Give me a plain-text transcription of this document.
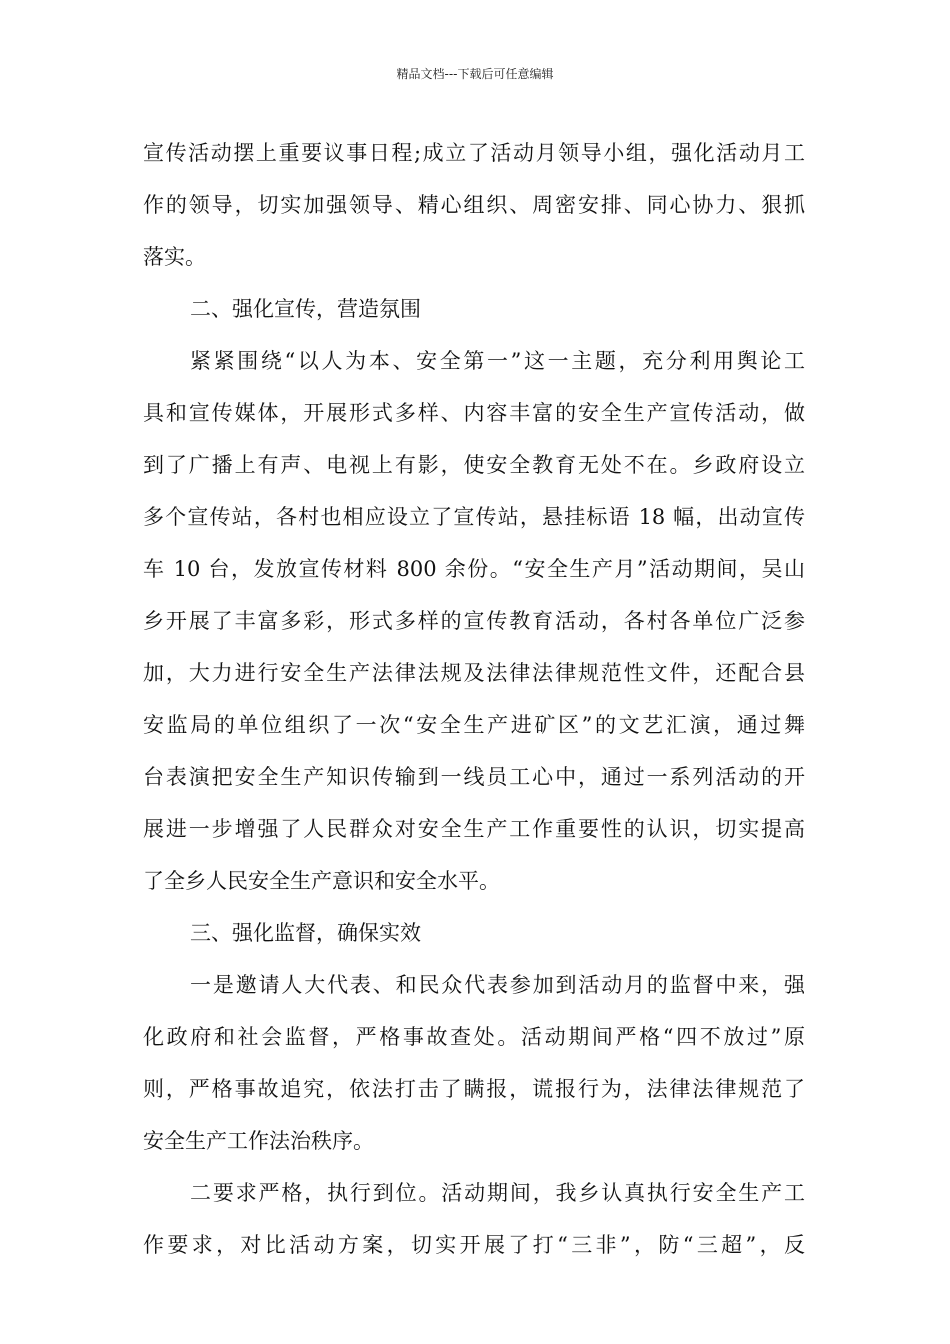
精品文档---下载后可任意编辑
宣传活动摆上重要议事日程;成立了活动月领导小组，强化活动月工
作的领导，切实加强领导、精心组织、周密安排、同心协力、狠抓
落实。
二、强化宣传，营造氛围
紧紧围绕“以人为本、安全第一”这一主题，充分利用舆论工
具和宣传媒体，开展形式多样、内容丰富的安全生产宣传活动，做
到了广播上有声、电视上有影，使安全教育无处不在。乡政府设立
多个宣传站，各村也相应设立了宣传站，悬挂标语 18 幅，出动宣传
车 10 台，发放宣传材料 800 余份。“安全生产月”活动期间，吴山
乡开展了丰富多彩，形式多样的宣传教育活动，各村各单位广泛参
加，大力进行安全生产法律法规及法律法律规范性文件，还配合县
安监局的单位组织了一次“安全生产进矿区”的文艺汇演，通过舞
台表演把安全生产知识传输到一线员工心中，通过一系列活动的开
展进一步增强了人民群众对安全生产工作重要性的认识，切实提高
了全乡人民安全生产意识和安全水平。
三、强化监督，确保实效
一是邀请人大代表、和民众代表参加到活动月的监督中来，强
化政府和社会监督，严格事故查处。活动期间严格“四不放过”原
则，严格事故追究，依法打击了瞒报，谎报行为，法律法律规范了
安全生产工作法治秩序。
二要求严格，执行到位。活动期间，我乡认真执行安全生产工
作要求，对比活动方案，切实开展了打“三非”，防“三超”，反
